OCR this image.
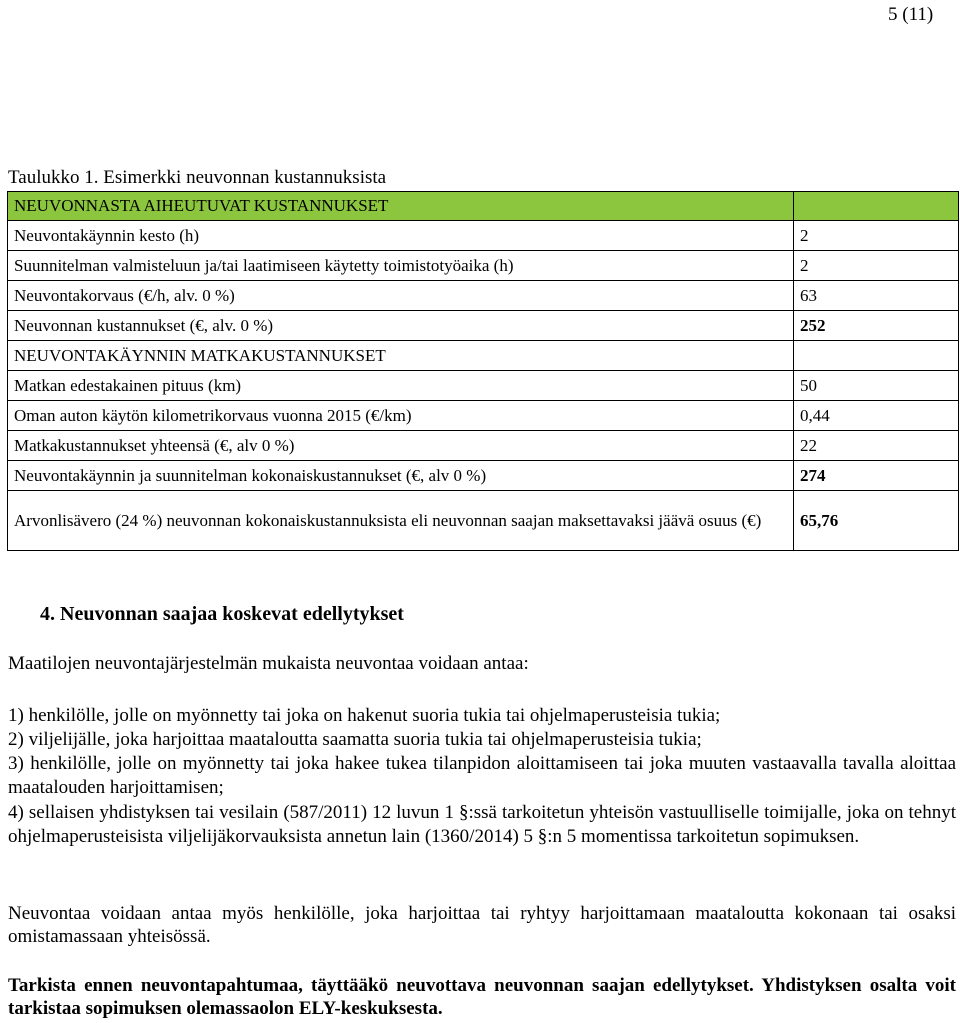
5 (11)
Taulukko 1. Esimerkki neuvonnan kustannuksista
NEUVONNASTA AIHEUTUVAT KUSTANNUKSET	
Neuvontakäynnin kesto (h)	2
Suunnitelman valmisteluun ja/tai laatimiseen käytetty toimistotyöaika (h)	2
Neuvontakorvaus (€/h, alv. 0 %)	63
Neuvonnan kustannukset (€, alv. 0 %)	252
NEUVONTAKÄYNNIN MATKAKUSTANNUKSET	
Matkan edestakainen pituus (km)	50
Oman auton käytön kilometrikorvaus vuonna 2015 (€/km)	0,44
Matkakustannukset yhteensä (€, alv 0 %)	22
Neuvontakäynnin ja suunnitelman kokonaiskustannukset (€, alv 0 %)	274
Arvonlisävero (24 %) neuvonnan kokonaiskustannuksista eli neuvonnan saajan maksettavaksi jäävä osuus (€)	65,76
4. Neuvonnan saajaa koskevat edellytykset
Maatilojen neuvontajärjestelmän mukaista neuvontaa voidaan antaa:
1) henkilölle, jolle on myönnetty tai joka on hakenut suoria tukia tai ohjelmaperusteisia tukia;
2) viljelijälle, joka harjoittaa maataloutta saamatta suoria tukia tai ohjelmaperusteisia tukia;
3) henkilölle, jolle on myönnetty tai joka hakee tukea tilanpidon aloittamiseen tai joka muuten vastaavalla tavalla aloittaa maatalouden harjoittamisen;
4) sellaisen yhdistyksen tai vesilain (587/2011) 12 luvun 1 §:ssä tarkoitetun yhteisön vastuulliselle toimijalle, joka on tehnyt ohjelmaperusteisista viljelijäkorvauksista annetun lain (1360/2014) 5 §:n 5 momentissa tarkoitetun sopimuksen.
Neuvontaa voidaan antaa myös henkilölle, joka harjoittaa tai ryhtyy harjoittamaan maataloutta kokonaan tai osaksi omistamassaan yhteisössä.
Tarkista ennen neuvontapahtumaa, täyttääkö neuvottava neuvonnan saajan edellytykset. Yhdistyksen osalta voit tarkistaa sopimuksen olemassaolon ELY-keskuksesta.
